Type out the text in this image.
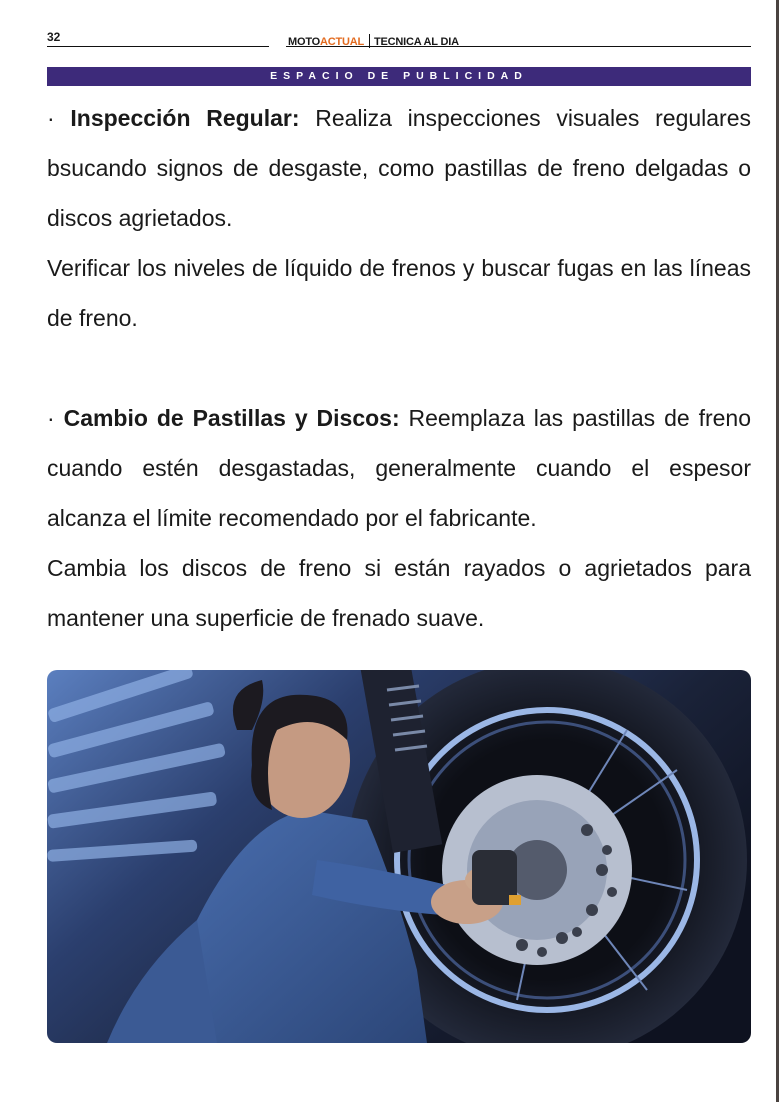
32	MOTOACTUAL TECNICA AL DIA
ESPACIO DE PUBLICIDAD

· Inspección Regular: Realiza inspecciones visuales regulares bsucando signos de desgaste, como pastillas de freno delgadas o discos agrietados.

Verificar los niveles de líquido de frenos y buscar fugas en las líneas de freno.

· Cambio de Pastillas y Discos: Reemplaza las pastillas de freno cuando estén desgastadas, generalmente cuando el espesor alcanza el límite recomendado por el fabricante.

Cambia los discos de freno si están rayados o agrietados para mantener una superficie de frenado suave.
